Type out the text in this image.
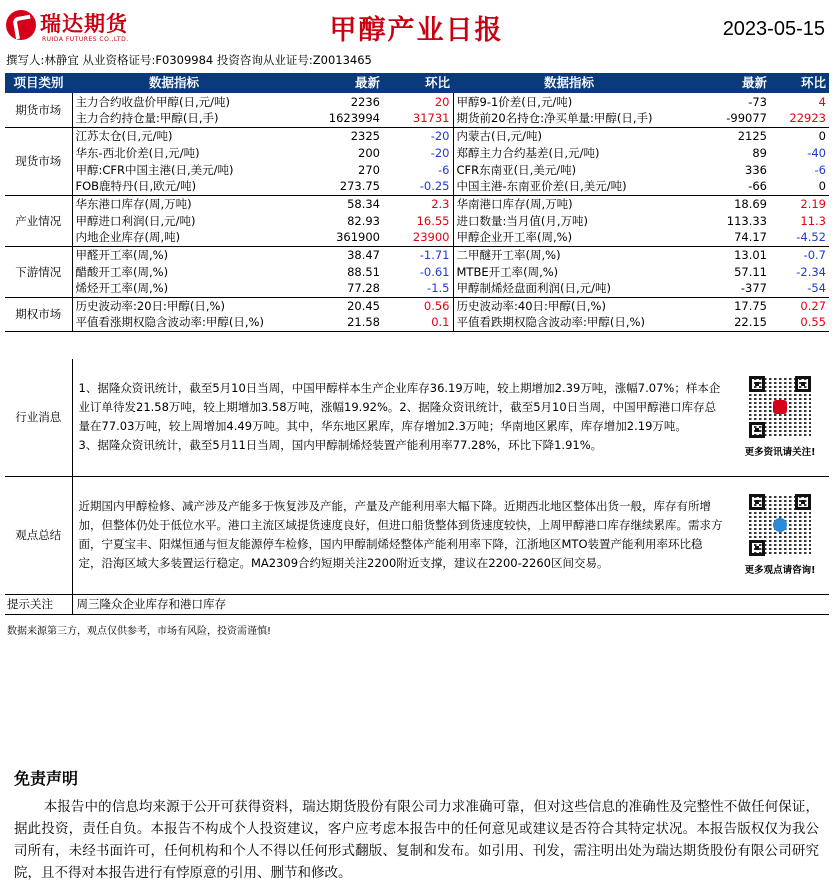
瑞达期货
RUIDA FUTURES CO.,LTD.	甲醇产业日报	2023-05-15
撰写人:林静宜 从业资格证号:F0309984 投资咨询从业证号:Z0013465
项目类别	数据指标	最新	环比	数据指标	最新	环比
期货市场	主力合约收盘价甲醇(日,元/吨)	2236	20	甲醇9-1价差(日,元/吨)	-73	4
	主力合约持仓量:甲醇(日,手)	1623994	31731	期货前20名持仓:净买单量:甲醇(日,手)	-99077	22923
现货市场	江苏太仓(日,元/吨)	2325	-20	内蒙古(日,元/吨)	2125	0
	华东-西北价差(日,元/吨)	200	-20	郑醇主力合约基差(日,元/吨)	89	-40
	甲醇:CFR中国主港(日,美元/吨)	270	-6	CFR东南亚(日,美元/吨)	336	-6
	FOB鹿特丹(日,欧元/吨)	273.75	-0.25	中国主港-东南亚价差(日,美元/吨)	-66	0
产业情况	华东港口库存(周,万吨)	58.34	2.3	华南港口库存(周,万吨)	18.69	2.19
	甲醇进口利润(日,元/吨)	82.93	16.55	进口数量:当月值(月,万吨)	113.33	11.3
	内地企业库存(周,吨)	361900	23900	甲醇企业开工率(周,%)	74.17	-4.52
下游情况	甲醛开工率(周,%)	38.47	-1.71	二甲醚开工率(周,%)	13.01	-0.7
	醋酸开工率(周,%)	88.51	-0.61	MTBE开工率(周,%)	57.11	-2.34
	烯烃开工率(周,%)	77.28	-1.5	甲醇制烯烃盘面利润(日,元/吨)	-377	-54
期权市场	历史波动率:20日:甲醇(日,%)	20.45	0.56	历史波动率:40日:甲醇(日,%)	17.75	0.27
	平值看涨期权隐含波动率:甲醇(日,%)	21.58	0.1	平值看跌期权隐含波动率:甲醇(日,%)	22.15	0.55
行业消息	1、据隆众资讯统计，截至5月10日当周，中国甲醇样本生产企业库存36.19万吨，较上期增加2.39万吨，涨幅7.07%；样本企业订单待发21.58万吨，较上期增加3.58万吨，涨幅19.92%。2、据隆众资讯统计，截至5月10日当周，中国甲醇港口库存总量在77.03万吨，较上周增加4.49万吨。其中，华东地区累库，库存增加2.3万吨；华南地区累库，库存增加2.19万吨。

3、据隆众资讯统计，截至5月11日当周，国内甲醇制烯烃装置产能利用率77.28%，环比下降1.91%。	更多资讯请关注!

观点总结	近期国内甲醇检修、减产涉及产能多于恢复涉及产能，产量及产能利用率大幅下降。近期西北地区整体出货一般，库存有所增加，但整体仍处于低位水平。港口主流区域提货速度良好，但进口船货整体到货速度较快，上周甲醇港口库存继续累库。需求方面，宁夏宝丰、阳煤恒通与恒友能源停车检修，国内甲醇制烯烃整体产能利用率下降，江浙地区MTO装置产能利用率环比稳定，沿海区域大多装置运行稳定。MA2309合约短期关注2200附近支撑，建议在2200-2260区间交易。	更多观点请咨询!
提示关注	周三隆众企业库存和港口库存
数据来源第三方，观点仅供参考，市场有风险，投资需谨慎!
免责声明
本报告中的信息均来源于公开可获得资料，瑞达期货股份有限公司力求准确可靠，但对这些信息的准确性及完整性不做任何保证，据此投资，责任自负。本报告不构成个人投资建议，客户应考虑本报告中的任何意见或建议是否符合其特定状况。本报告版权仅为我公司所有，未经书面许可，任何机构和个人不得以任何形式翻版、复制和发布。如引用、刊发，需注明出处为瑞达期货股份有限公司研究院，且不得对本报告进行有悖原意的引用、删节和修改。
